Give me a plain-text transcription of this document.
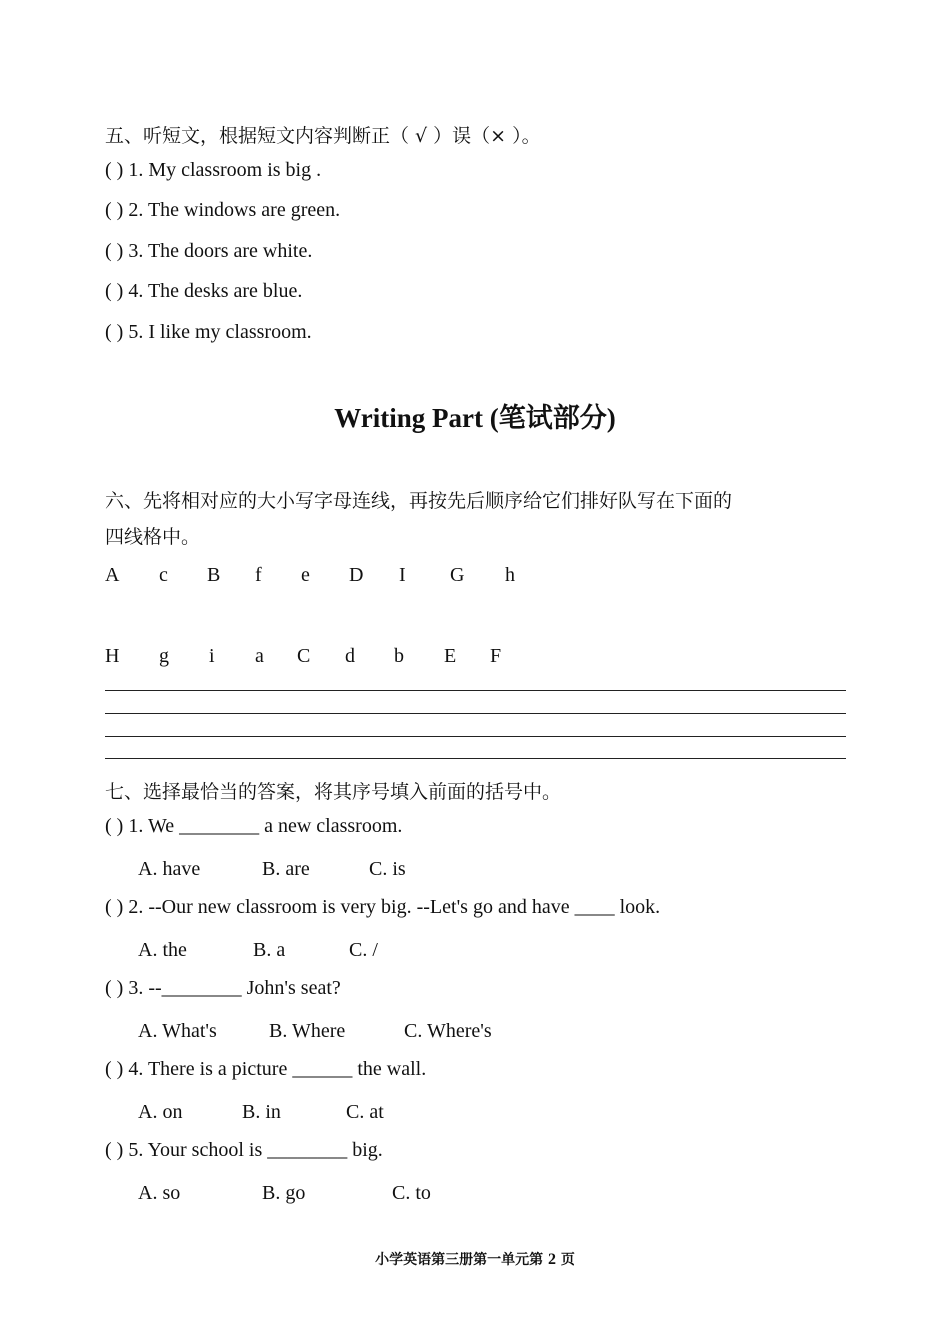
五、听短文，根据短文内容判断正（ √ ）误（× ）。
( ) 1. My classroom is big .
( ) 2. The windows are green.
( ) 3. The doors are white.
( ) 4. The desks are blue.
( ) 5. I like my classroom.
Writing Part (笔试部分)
六、先将相对应的大小写字母连线，再按先后顺序给它们排好队写在下面的
四线格中。
A c B f e D I G h
H g i a C d b E F
七、选择最恰当的答案，将其序号填入前面的括号中。
( ) 1. We ________ a new classroom.
A. have	B. are	C. is
( ) 2. --Our new classroom is very big. --Let's go and have ____ look.
A. the	B. a	C. /
( ) 3. --________ John's seat?
A. What's	B. Where	C. Where's
( ) 4. There is a picture ______ the wall.
A. on	B. in	C. at
( ) 5. Your school is ________ big.
A. so	B. go	C. to
小学英语第三册第一单元第 2 页
